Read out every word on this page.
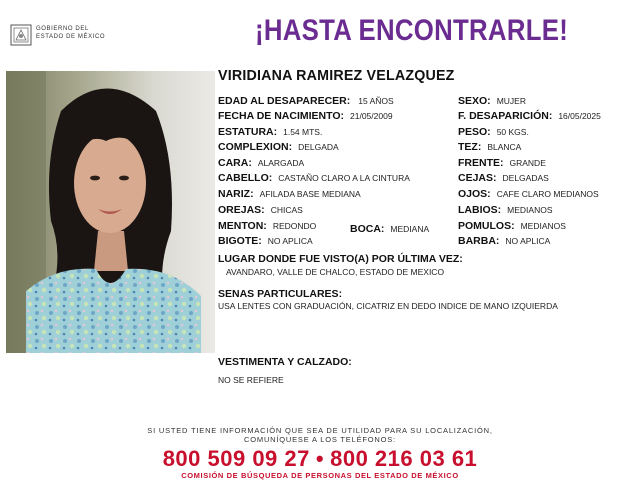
GOBIERNO DEL
ESTADO DE MÉXICO	¡HASTA ENCONTRARLE!
VIRIDIANA RAMIREZ VELAZQUEZ
EDAD AL DESAPARECER: 15 AÑOS
FECHA DE NACIMIENTO: 21/05/2009
ESTATURA: 1.54 MTS.
COMPLEXION: DELGADA
CARA: ALARGADA
CABELLO: CASTAÑO CLARO A LA CINTURA
NARIZ: AFILADA BASE MEDIANA
OREJAS: CHICAS
MENTON: REDONDO
BIGOTE: NO APLICA
BOCA: MEDIANA
SEXO: MUJER
F. DESAPARICIÓN: 16/05/2025
PESO: 50 KGS.
TEZ: BLANCA
FRENTE: GRANDE
CEJAS: DELGADAS
OJOS: CAFE CLARO MEDIANOS
LABIOS: MEDIANOS
POMULOS: MEDIANOS
BARBA: NO APLICA
LUGAR DONDE FUE VISTO(A) POR ÚLTIMA VEZ:
AVANDARO, VALLE DE CHALCO, ESTADO DE MEXICO
SENAS PARTICULARES:
USA LENTES CON GRADUACIÓN, CICATRIZ EN DEDO INDICE DE MANO IZQUIERDA
VESTIMENTA Y CALZADO:
NO SE REFIERE
SI USTED TIENE INFORMACIÓN QUE SEA DE UTILIDAD PARA SU LOCALIZACIÓN,
COMUNÍQUESE A LOS TELÉFONOS:
800 509 09 27 • 800 216 03 61
COMISIÓN DE BÚSQUEDA DE PERSONAS DEL ESTADO DE MÉXICO
